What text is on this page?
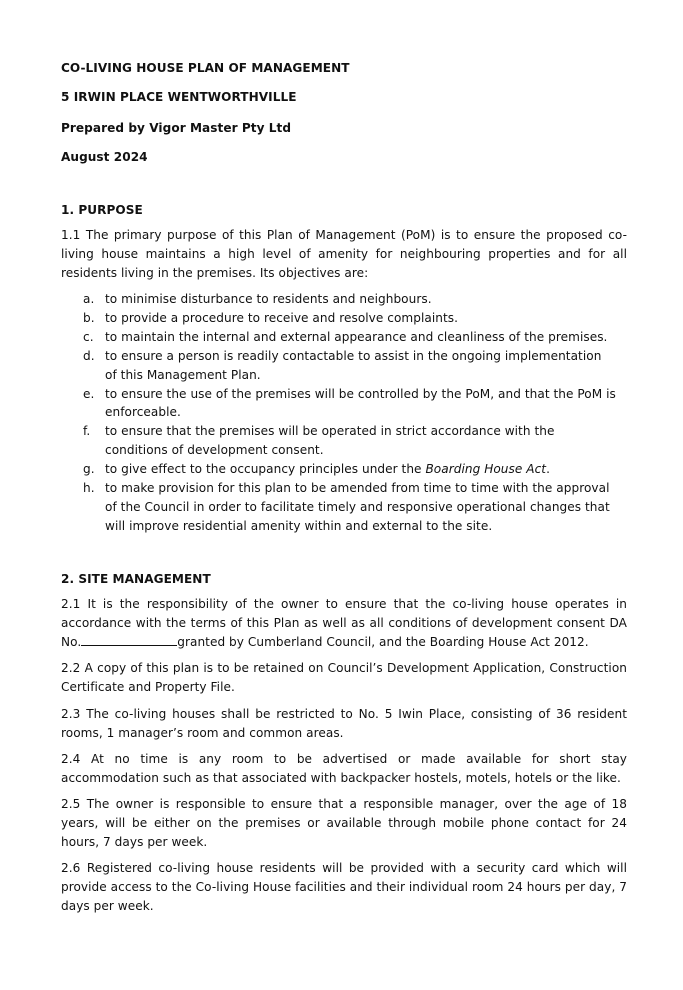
CO-LIVING HOUSE PLAN OF MANAGEMENT
5 IRWIN PLACE WENTWORTHVILLE
Prepared by Vigor Master Pty Ltd
August 2024
1. PURPOSE
1.1 The primary purpose of this Plan of Management (PoM) is to ensure the proposed co-living house maintains a high level of amenity for neighbouring properties and for all residents living in the premises. Its objectives are:
a. to minimise disturbance to residents and neighbours.
b. to provide a procedure to receive and resolve complaints.
c. to maintain the internal and external appearance and cleanliness of the premises.
d. to ensure a person is readily contactable to assist in the ongoing implementation of this Management Plan.
e. to ensure the use of the premises will be controlled by the PoM, and that the PoM is enforceable.
f.	to ensure that the premises will be operated in strict accordance with the conditions of development consent.
g. to give effect to the occupancy principles under the Boarding House Act.
h. to make provision for this plan to be amended from time to time with the approval of the Council in order to facilitate timely and responsive operational changes that will improve residential amenity within and external to the site.
2. SITE MANAGEMENT
2.1 It is the responsibility of the owner to ensure that the co-living house operates in accordance with the terms of this Plan as well as all conditions of development consent DA No.	granted by Cumberland Council, and the Boarding House Act 2012.
2.2 A copy of this plan is to be retained on Council’s Development Application, Construction Certificate and Property File.
2.3 The co-living houses shall be restricted to No. 5 Iwin Place, consisting of 36 resident rooms, 1 manager’s room and common areas.
2.4 At no time is any room to be advertised or made available for short stay accommodation such as that associated with backpacker hostels, motels, hotels or the like.
2.5 The owner is responsible to ensure that a responsible manager, over the age of 18 years, will be either on the premises or available through mobile phone contact for 24 hours, 7 days per week.
2.6 Registered co-living house residents will be provided with a security card which will provide access to the Co-living House facilities and their individual room 24 hours per day, 7 days per week.
